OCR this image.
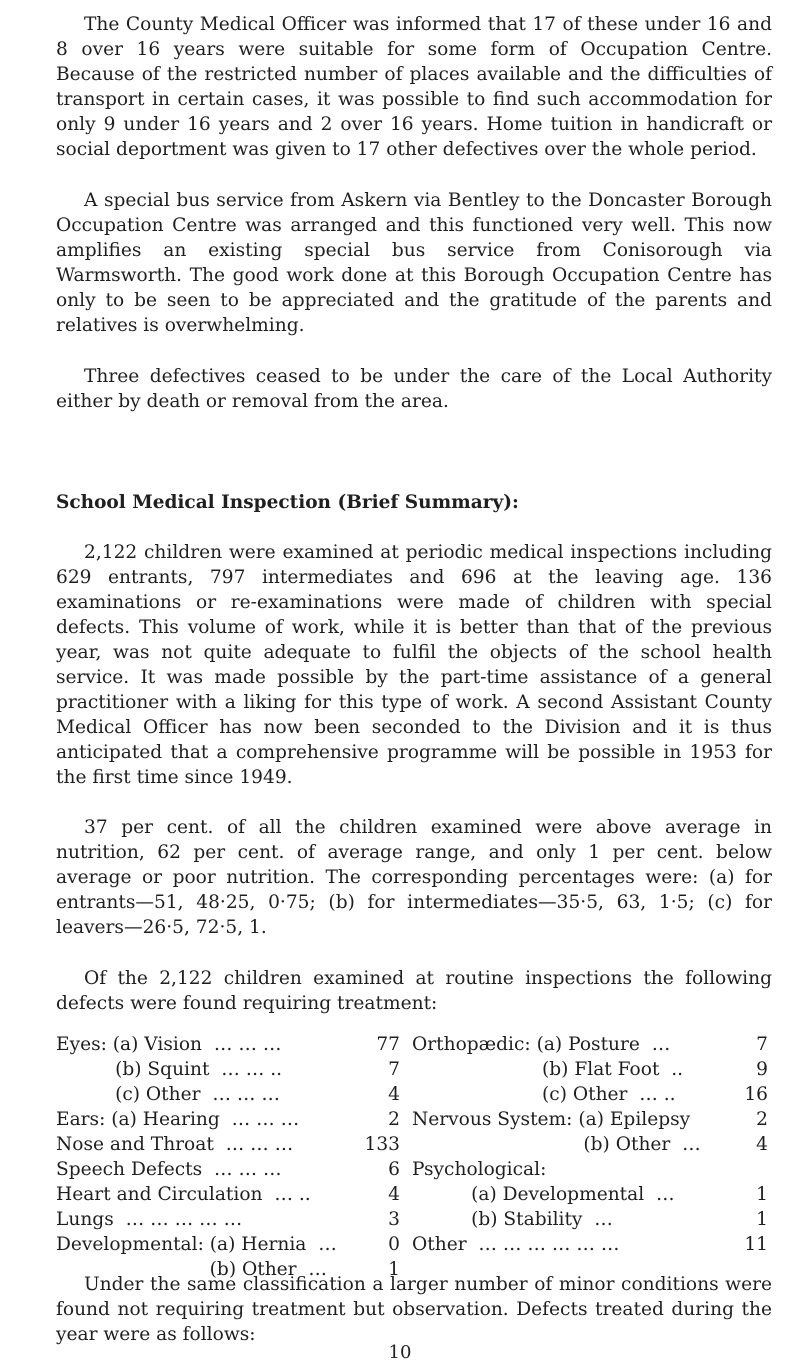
The County Medical Officer was informed that 17 of these under 16 and 8 over 16 years were suitable for some form of Occupation Centre. Because of the restricted number of places available and the difficulties of transport in certain cases, it was possible to find such accommodation for only 9 under 16 years and 2 over 16 years. Home tuition in handicraft or social deportment was given to 17 other defectives over the whole period.

A special bus service from Askern via Bentley to the Doncaster Borough Occupation Centre was arranged and this functioned very well. This now amplifies an existing special bus service from Conisorough via Warmsworth. The good work done at this Borough Occupation Centre has only to be seen to be appreciated and the gratitude of the parents and relatives is overwhelming.

Three defectives ceased to be under the care of the Local Authority either by death or removal from the area.

School Medical Inspection (Brief Summary):

2,122 children were examined at periodic medical inspections including 629 entrants, 797 intermediates and 696 at the leaving age. 136 examinations or re-examinations were made of children with special defects. This volume of work, while it is better than that of the previous year, was not quite adequate to fulfil the objects of the school health service. It was made possible by the part-time assistance of a general practitioner with a liking for this type of work. A second Assistant County Medical Officer has now been seconded to the Division and it is thus anticipated that a comprehensive programme will be possible in 1953 for the first time since 1949.

37 per cent. of all the children examined were above average in nutrition, 62 per cent. of average range, and only 1 per cent. below average or poor nutrition. The corresponding percentages were: (a) for entrants—51, 48·25, 0·75; (b) for intermediates—35·5, 63, 1·5; (c) for leavers—26·5, 72·5, 1.

Of the 2,122 children examined at routine inspections the following defects were found requiring treatment:

Eyes: (a) Vision  … … …	77
(b) Squint  … … ..	7
(c) Other  … … …	4
Ears: (a) Hearing  … … …	2
Nose and Throat  … … …	133
Speech Defects  … … …	6
Heart and Circulation  … ..	4
Lungs  … … … … …	3
Developmental: (a) Hernia  …	0
(b) Other  …	1
Orthopædic: (a) Posture  …	7
(b) Flat Foot  ..	9
(c) Other  … ..	16
Nervous System: (a) Epilepsy	2
(b) Other  …	4
Psychological:
(a) Developmental  …	1
(b) Stability  …	1
Other  … … … … … …	11

Under the same classification a larger number of minor conditions were found not requiring treatment but observation. Defects treated during the year were as follows:

10
